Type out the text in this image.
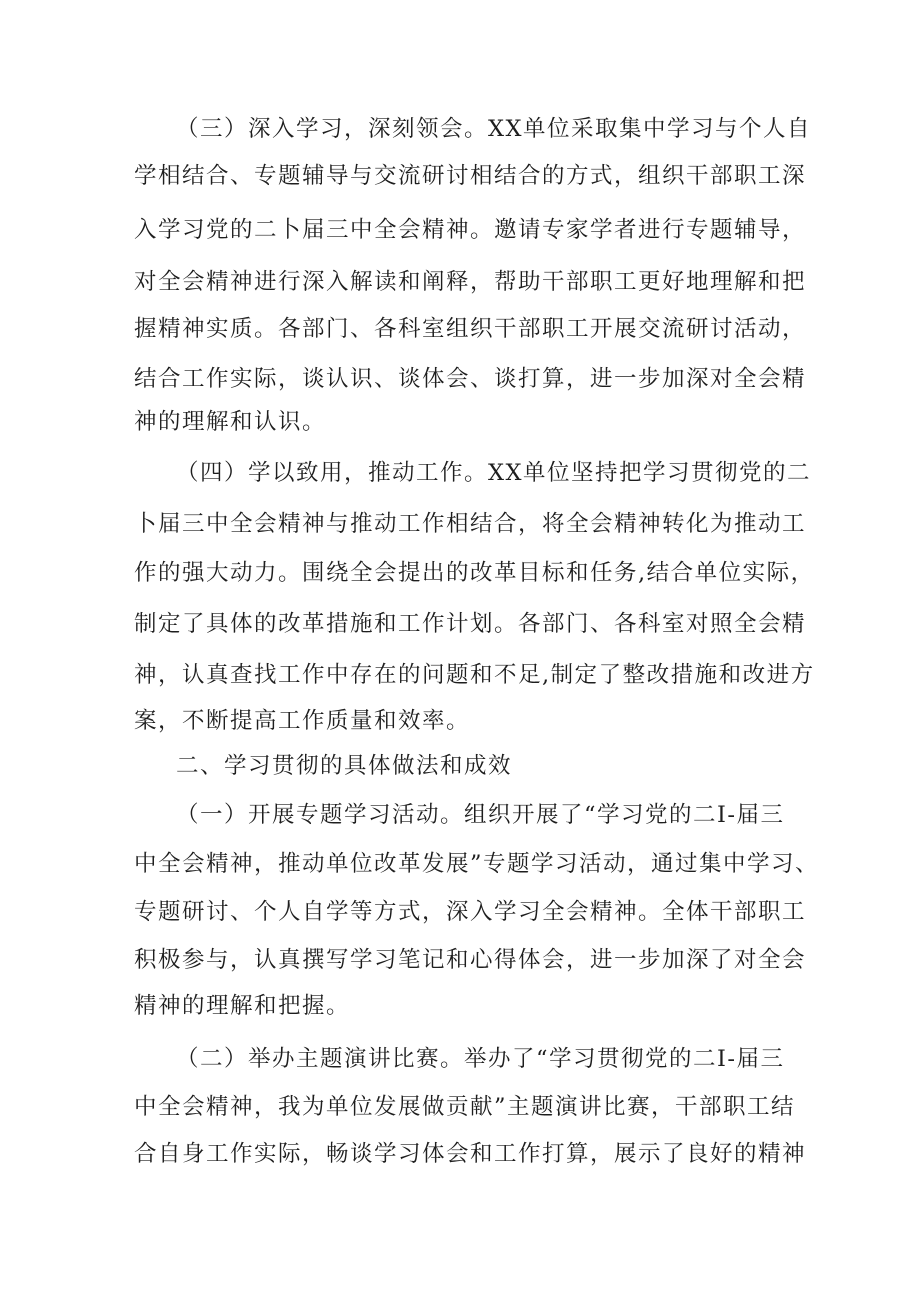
（三）深入学习，深刻领会。XX单位采取集中学习与个人自
学相结合、专题辅导与交流研讨相结合的方式，组织干部职工深
入学习党的二卜届三中全会精神。邀请专家学者进行专题辅导，
对全会精神进行深入解读和阐释，帮助干部职工更好地理解和把
握精神实质。各部门、各科室组织干部职工开展交流研讨活动，
结合工作实际，谈认识、谈体会、谈打算，进一步加深对全会精
神的理解和认识。
（四）学以致用，推动工作。XX单位坚持把学习贯彻党的二
卜届三中全会精神与推动工作相结合，将全会精神转化为推动工
作的强大动力。围绕全会提出的改革目标和任务,结合单位实际，
制定了具体的改革措施和工作计划。各部门、各科室对照全会精
神，认真查找工作中存在的问题和不足,制定了整改措施和改进方
案，不断提高工作质量和效率。
二、学习贯彻的具体做法和成效
（一）开展专题学习活动。组织开展了“学习党的二I-届三
中全会精神，推动单位改革发展”专题学习活动，通过集中学习、
专题研讨、个人自学等方式，深入学习全会精神。全体干部职工
积极参与，认真撰写学习笔记和心得体会，进一步加深了对全会
精神的理解和把握。
（二）举办主题演讲比赛。举办了“学习贯彻党的二I-届三
中全会精神，我为单位发展做贡献”主题演讲比赛，干部职工结
合自身工作实际，畅谈学习体会和工作打算，展示了良好的精神
